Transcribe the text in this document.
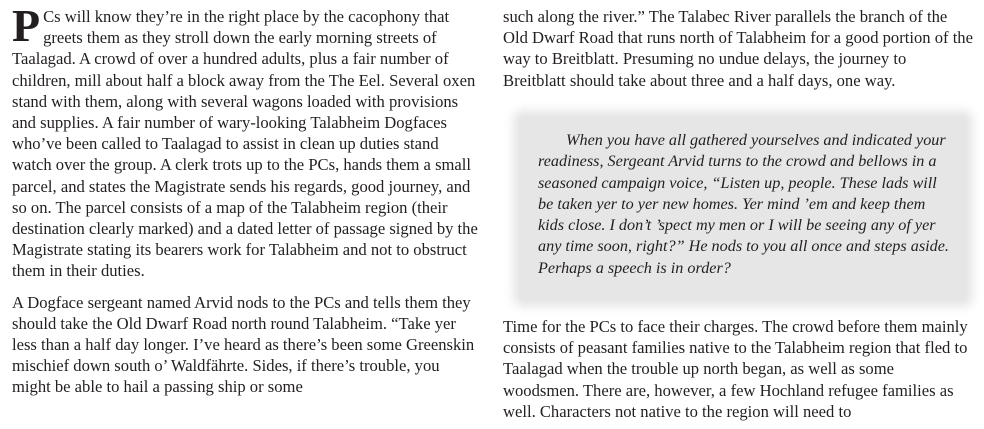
P Cs will know they’re in the right place by the cacophony that greets them as they stroll down the early morning streets of Taalagad. A crowd of over a hundred adults, plus a fair number of children, mill about half a block away from the The Eel. Several oxen stand with them, along with several wagons loaded with provisions and supplies. A fair number of wary-looking Talabheim Dogfaces who’ve been called to Taalagad to assist in clean up duties stand watch over the group. A clerk trots up to the PCs, hands them a small parcel, and states the Magistrate sends his regards, good journey, and so on. The parcel consists of a map of the Talabheim region (their destination clearly marked) and a dated letter of passage signed by the Magistrate stating its bearers work for Talabheim and not to obstruct them in their duties.

A Dogface sergeant named Arvid nods to the PCs and tells them they should take the Old Dwarf Road north round Talabheim. “Take yer less than a half day longer. I’ve heard as there’s been some Greenskin mischief down south o’ Waldfährte. Sides, if there’s trouble, you might be able to hail a passing ship or some

such along the river.” The Talabec River parallels the branch of the Old Dwarf Road that runs north of Talabheim for a good portion of the way to Breitblatt. Presuming no undue delays, the journey to Breitblatt should take about three and a half days, one way.

When you have all gathered yourselves and indicated your readiness, Sergeant Arvid turns to the crowd and bellows in a seasoned campaign voice, “Listen up, people. These lads will be taken yer to yer new homes. Yer mind ’em and keep them kids close. I don’t ’spect my men or I will be seeing any of yer any time soon, right?” He nods to you all once and steps aside. Perhaps a speech is in order?

Time for the PCs to face their charges. The crowd before them mainly consists of peasant families native to the Talabheim region that fled to Taalagad when the trouble up north began, as well as some woodsmen. There are, however, a few Hochland refugee families as well. Characters not native to the region will need to
